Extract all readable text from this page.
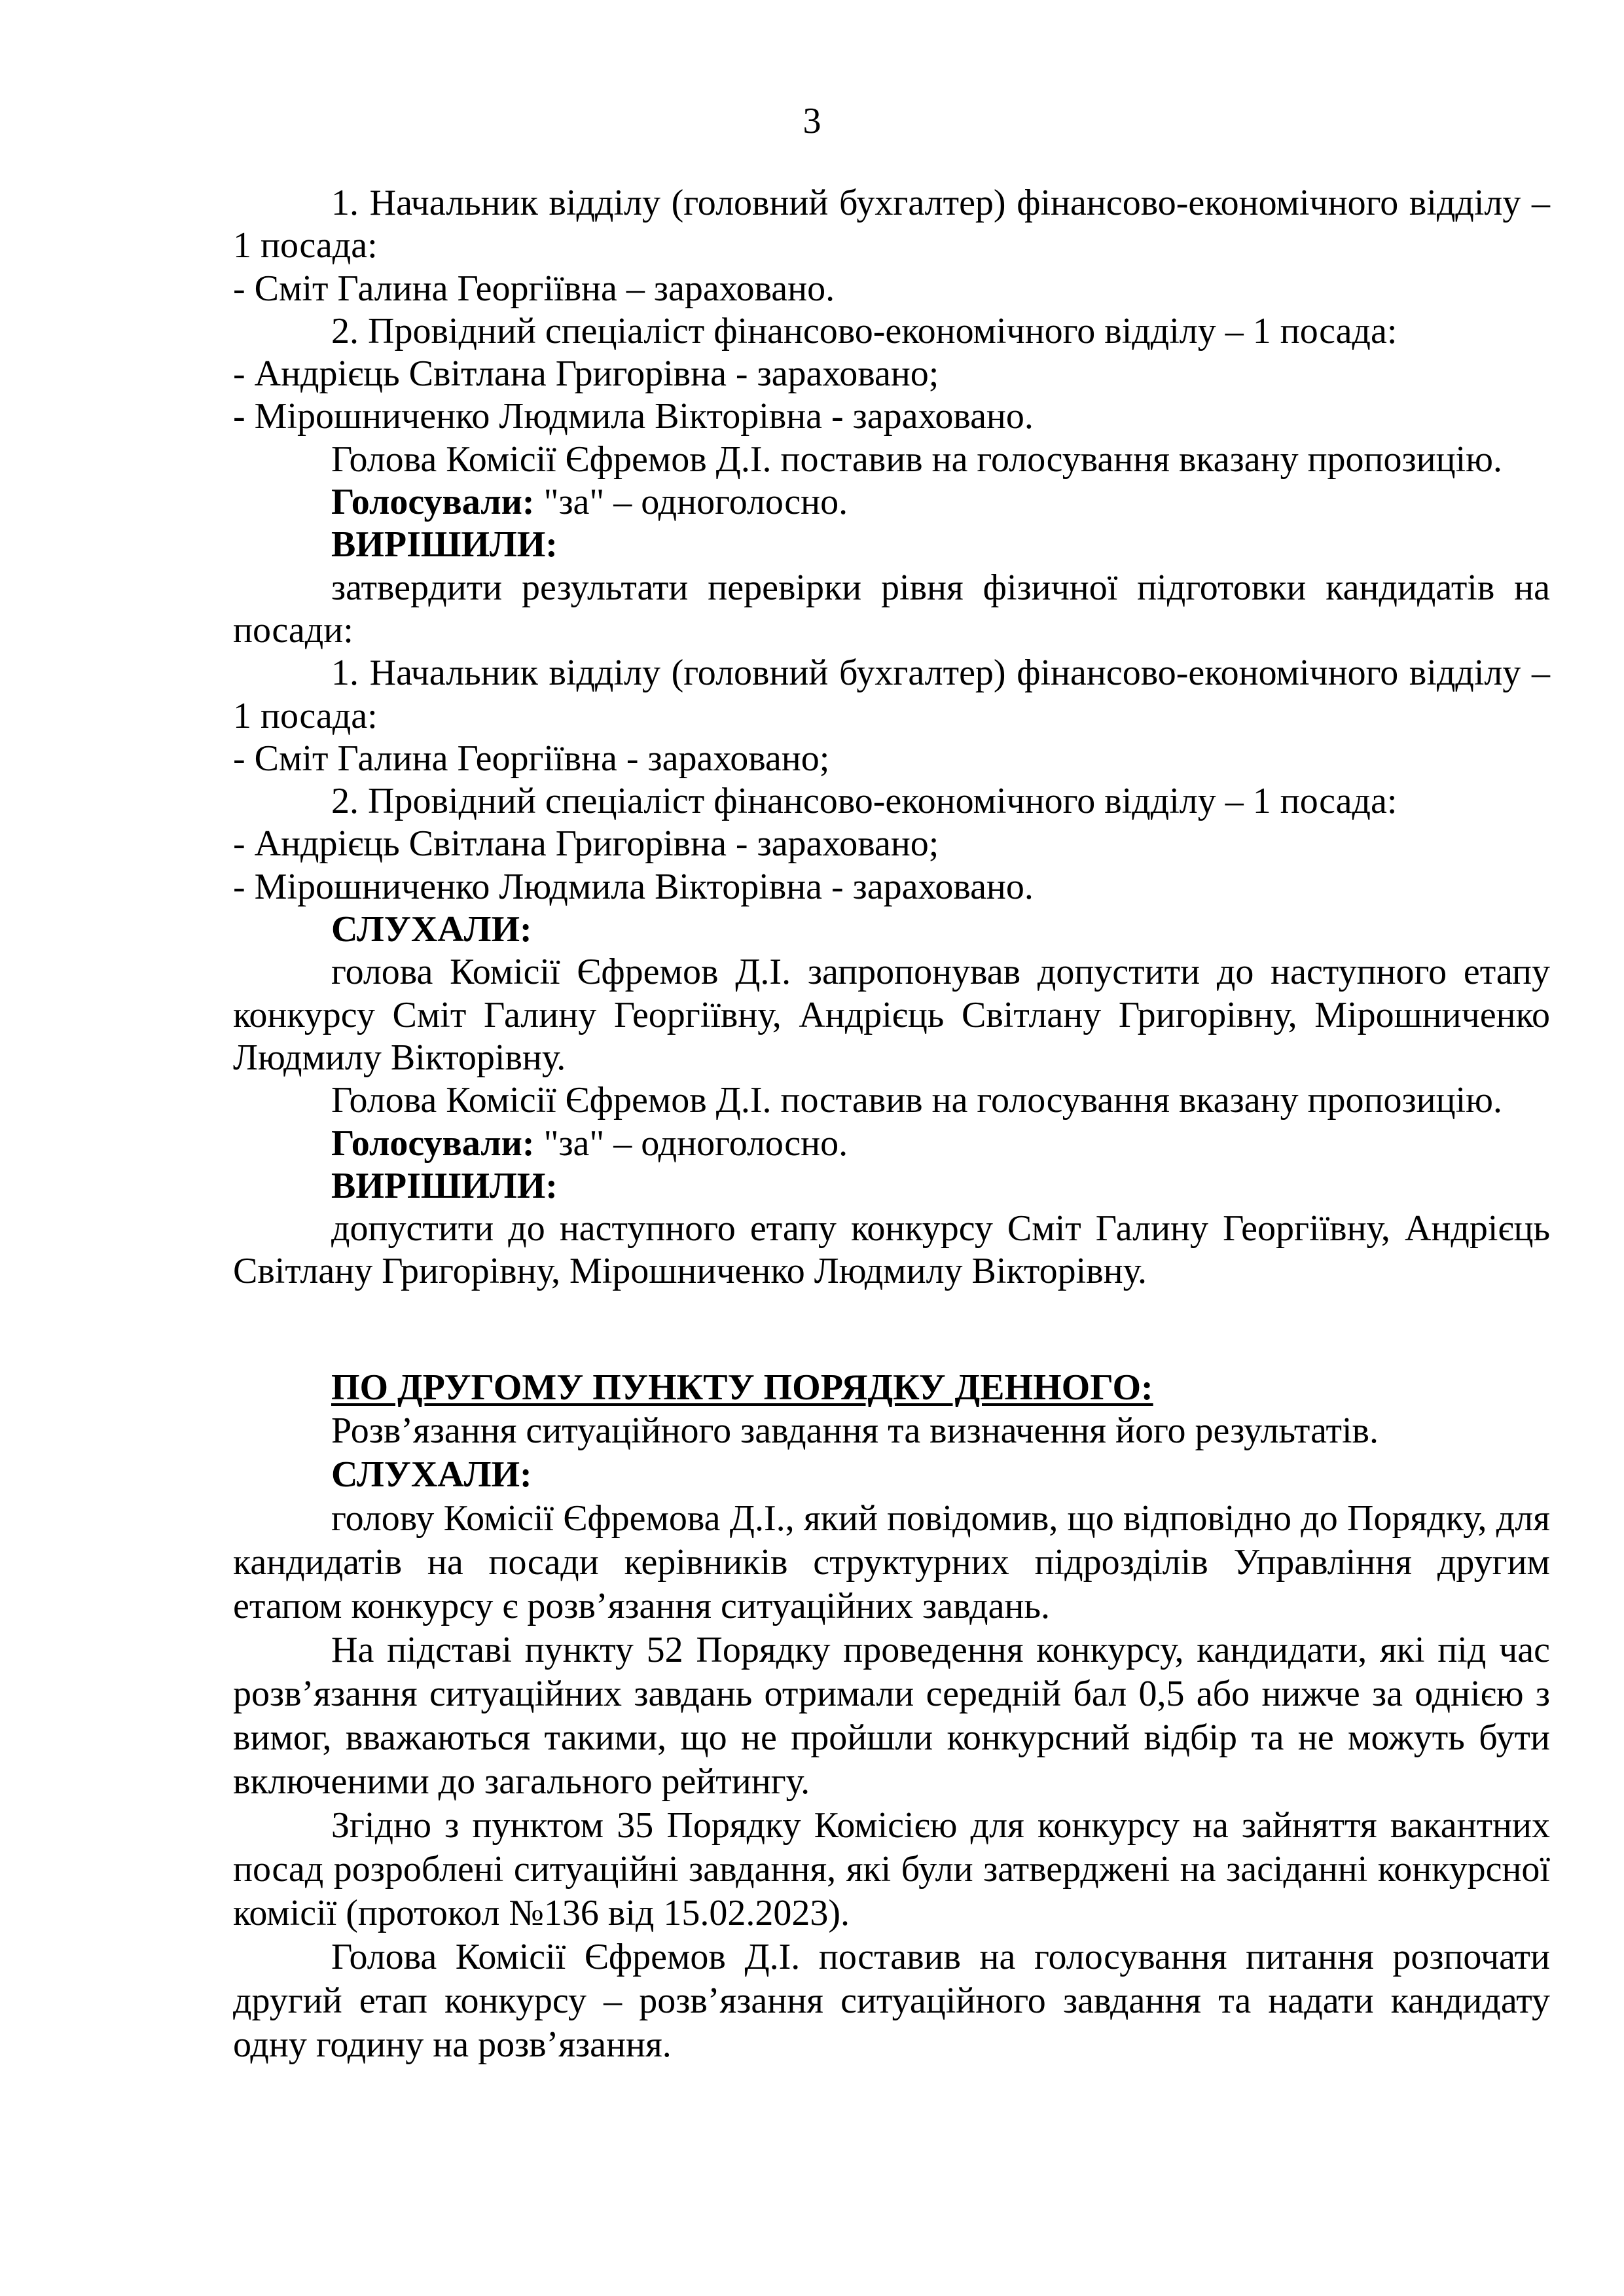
3

1. Начальник відділу (головний бухгалтер) фінансово-економічного відділу – 1 посада:

- Сміт Галина Георгіївна – зараховано.

2. Провідний спеціаліст фінансово-економічного відділу – 1 посада:

- Андрієць Світлана Григорівна - зараховано;

- Мірошниченко Людмила Вікторівна - зараховано.

Голова Комісії Єфремов Д.І. поставив на голосування вказану пропозицію.

Голосували: "за" – одноголосно.

ВИРІШИЛИ:

затвердити результати перевірки рівня фізичної підготовки кандидатів на посади:

1. Начальник відділу (головний бухгалтер) фінансово-економічного відділу – 1 посада:

- Сміт Галина Георгіївна - зараховано;

2. Провідний спеціаліст фінансово-економічного відділу – 1 посада:

- Андрієць Світлана Григорівна - зараховано;

- Мірошниченко Людмила Вікторівна - зараховано.

СЛУХАЛИ:

голова Комісії Єфремов Д.І. запропонував допустити до наступного етапу конкурсу Сміт Галину Георгіївну, Андрієць Світлану Григорівну, Мірошниченко Людмилу Вікторівну.

Голова Комісії Єфремов Д.І. поставив на голосування вказану пропозицію.

Голосували: "за" – одноголосно.

ВИРІШИЛИ:

допустити до наступного етапу конкурсу Сміт Галину Георгіївну, Андрієць Світлану Григорівну, Мірошниченко Людмилу Вікторівну.

ПО ДРУГОМУ ПУНКТУ ПОРЯДКУ ДЕННОГО:

Розв’язання ситуаційного завдання та визначення його результатів.

СЛУХАЛИ:

голову Комісії Єфремова Д.І., який повідомив, що відповідно до Порядку, для кандидатів на посади керівників структурних підрозділів Управління другим етапом конкурсу є розв’язання ситуаційних завдань.

На підставі пункту 52 Порядку проведення конкурсу, кандидати, які під час розв’язання ситуаційних завдань отримали середній бал 0,5 або нижче за однією з вимог, вважаються такими, що не пройшли конкурсний відбір та не можуть бути включеними до загального рейтингу.

Згідно з пунктом 35 Порядку Комісією для конкурсу на зайняття вакантних посад розроблені ситуаційні завдання, які були затверджені на засіданні конкурсної комісії (протокол №136 від 15.02.2023).

Голова Комісії Єфремов Д.І. поставив на голосування питання розпочати другий етап конкурсу – розв’язання ситуаційного завдання та надати кандидату одну годину на розв’язання.
